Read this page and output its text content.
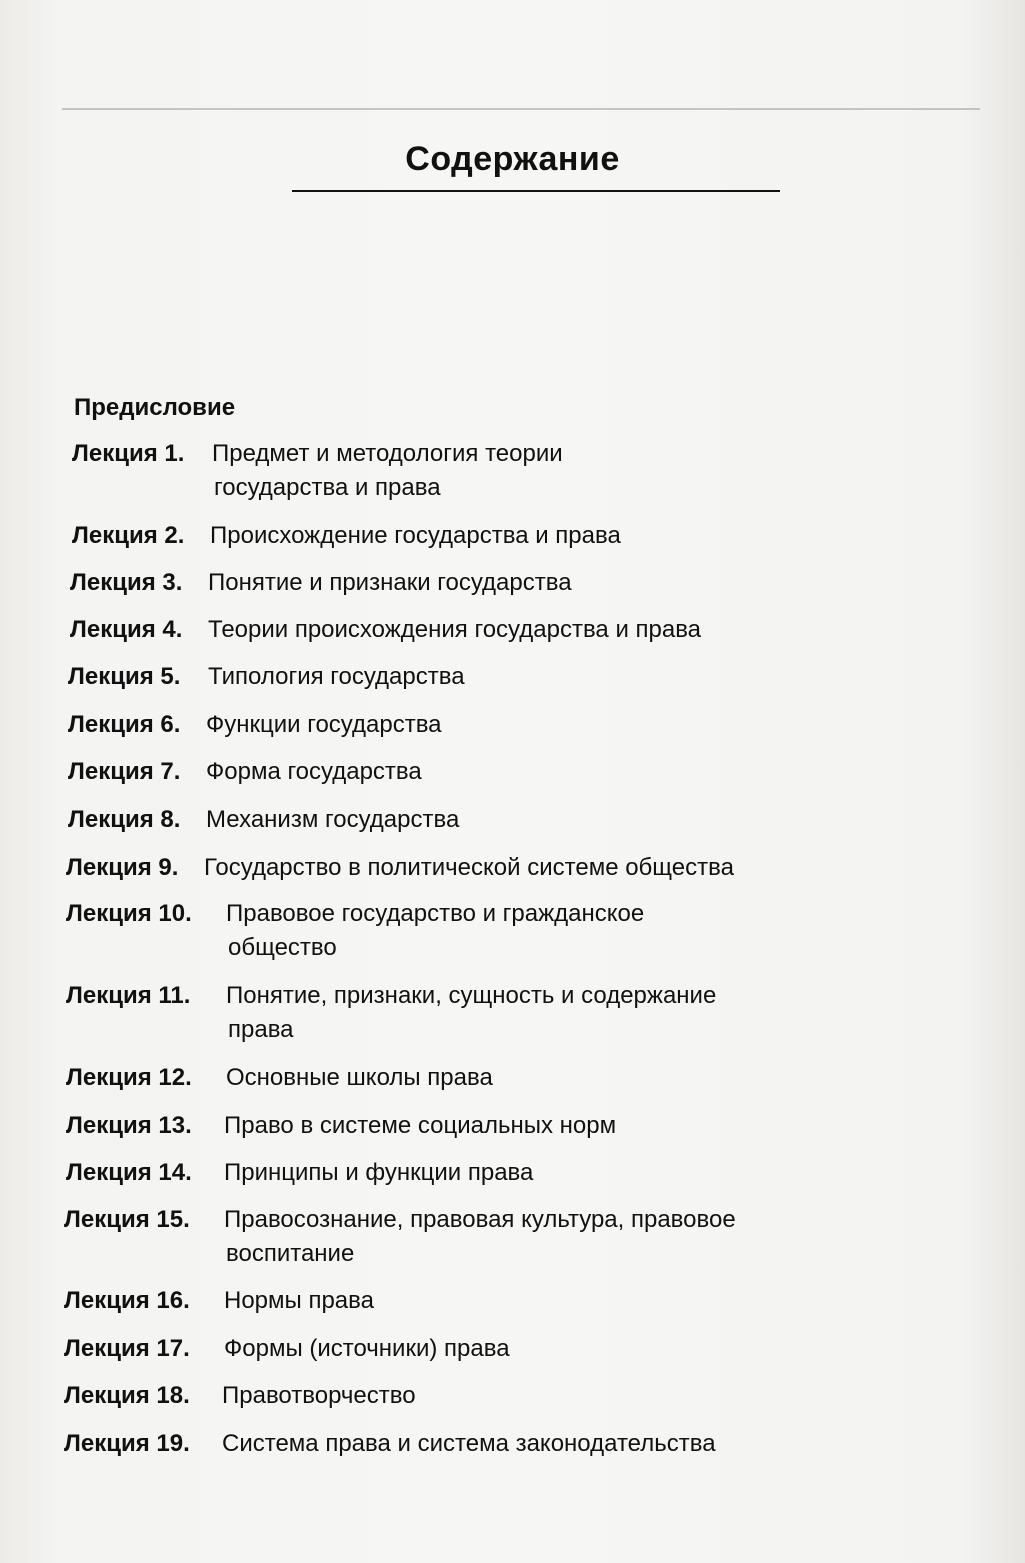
Содержание
Предисловие
Лекция 1. Предмет и методология теории
государства и права
Лекция 2. Происхождение государства и права
Лекция 3. Понятие и признаки государства
Лекция 4. Теории происхождения государства и права
Лекция 5. Типология государства
Лекция 6. Функции государства
Лекция 7. Форма государства
Лекция 8. Механизм государства
Лекция 9. Государство в политической системе общества
Лекция 10. Правовое государство и гражданское
общество
Лекция 11. Понятие, признаки, сущность и содержание
права
Лекция 12. Основные школы права
Лекция 13. Право в системе социальных норм
Лекция 14. Принципы и функции права
Лекция 15. Правосознание, правовая культура, правовое
воспитание
Лекция 16. Нормы права
Лекция 17. Формы (источники) права
Лекция 18. Правотворчество
Лекция 19. Система права и система законодательства
